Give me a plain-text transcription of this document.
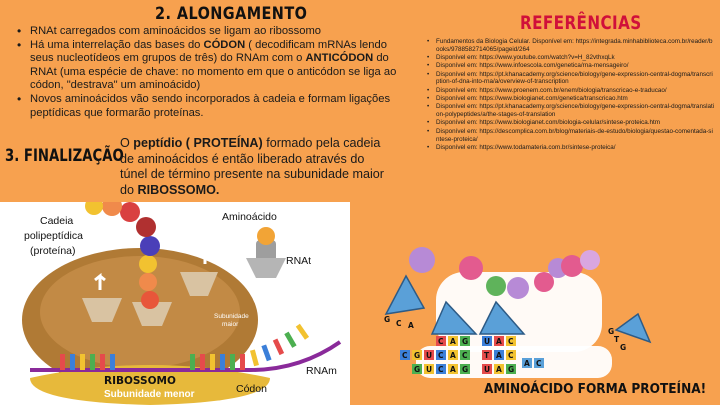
2. ALONGAMENTO
• RNAt carregados com aminoácidos se ligam ao ribossomo
• Há uma interrelação das bases do CÓDON ( decodificam mRNAs lendo seus nucleotídeos em grupos de três) do RNAm com o ANTICÓDON do RNAt (uma espécie de chave: no momento em que o anticódon se liga ao códon, "destrava" um aminoácido)
• Novos aminoácidos vão sendo incorporados à cadeia e formam ligações peptídicas que formarão proteínas.
3. FINALIZAÇÃO
O peptídio ( PROTEÍNA) formado pela cadeia de aminoácidos é então liberado através do túnel de término presente na subunidade maior do RIBOSSOMO.
REFERÊNCIAS
• Fundamentos da Biologia Celular. Disponível em: https://integrada.minhabiblioteca.com.br/reader/books/9788582714065/pageid/264
• Disponível em: https://www.youtube.com/watch?v=H_82vthxqLk
• Disponível em: https://www.infoescola.com/genetica/rna-mensageiro/
• Disponível em: https://pt.khanacademy.org/science/biology/gene-expression-central-dogma/transcription-of-dna-into-rna/a/overview-of-transcription
• Disponível em: https://www.proenem.com.br/enem/biologia/transcricao-e-traducao/
• Disponível em: https://www.biologianet.com/genetica/transcricao.htm
• Disponível em: https://pt.khanacademy.org/science/biology/gene-expression-central-dogma/translation-polypeptides/a/the-stages-of-translation
• Disponível em: https://www.biologianet.com/biologia-celular/sintese-proteica.htm
• Disponível em: https://descomplica.com.br/blog/materiais-de-estudo/biologia/questao-comentada-sintese-proteica/
• Disponível em: https://www.todamateria.com.br/sintese-proteica/
Cadeia
polipeptídica
(proteína)
Aminoácido
RNAt
Subunidade
maior
RIBOSSOMO
Subunidade menor	Códon
RNAm
G C A
G
T
G
C A G U A C
C G U C A C T A C
G U C A G U A G
A C
AMINOÁCIDO FORMA PROTEÍNA!
